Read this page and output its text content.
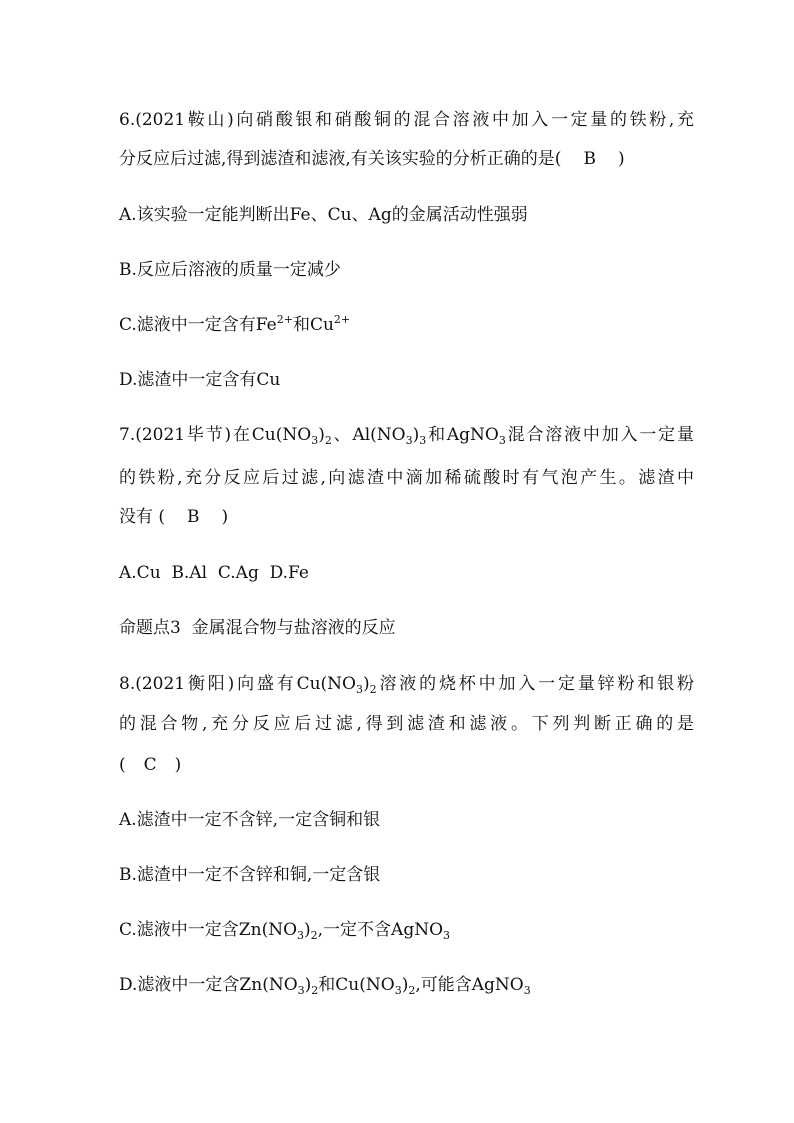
6.(2021鞍山)向硝酸银和硝酸铜的混合溶液中加入一定量的铁粉,充
分反应后过滤,得到滤渣和滤液,有关该实验的分析正确的是( B )
A.该实验一定能判断出Fe、Cu、Ag的金属活动性强弱
B.反应后溶液的质量一定减少
C.滤液中一定含有$Fe^{2+}$和$Cu^{2+}$
D.滤渣中一定含有Cu
7.(2021毕节)在$Cu(NO_3)_2$、$Al(NO_3)_3$和AgNO$_3$混合溶液中加入一定量
的铁粉,充分反应后过滤,向滤渣中滴加稀硫酸时有气泡产生。滤渣中
没有 ( B )
A.Cu  B.Al  C.Ag  D.Fe
命题点3  金属混合物与盐溶液的反应
8.(2021衡阳)向盛有$Cu(NO_3)_2$溶液的烧杯中加入一定量锌粉和银粉
的混合物,充分反应后过滤,得到滤渣和滤液。下列判断正确的是
( C )
A.滤渣中一定不含锌,一定含铜和银
B.滤渣中一定不含锌和铜,一定含银
C.滤液中一定含$Zn(NO_3)_2$,一定不含AgNO$_3$
D.滤液中一定含$Zn(NO_3)_2$和$Cu(NO_3)_2$,可能含AgNO$_3$
